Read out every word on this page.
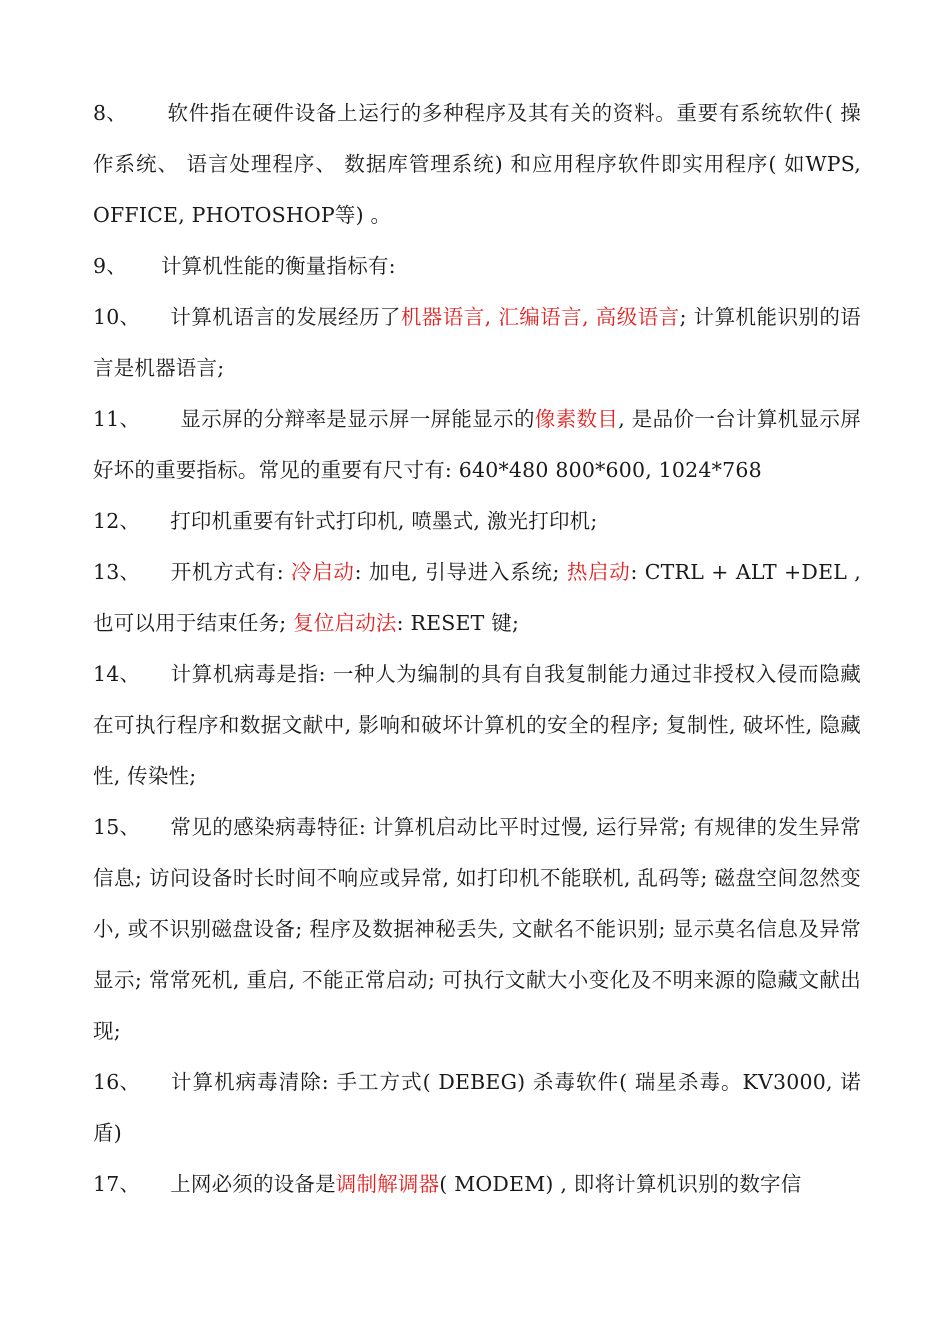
8、 软件指在硬件设备上运行的多种程序及其有关的资料。重要有系统软件( 操作系统、 语言处理程序、 数据库管理系统) 和应用程序软件即实用程序( 如WPS, OFFICE, PHOTOSHOP等) 。

9、 计算机性能的衡量指标有:

10、 计算机语言的发展经历了机器语言, 汇编语言, 高级语言; 计算机能识别的语言是机器语言;

11、 显示屏的分辩率是显示屏一屏能显示的像素数目, 是品价一台计算机显示屏好坏的重要指标。常见的重要有尺寸有: 640*480 800*600, 1024*768

12、 打印机重要有针式打印机, 喷墨式, 激光打印机;

13、 开机方式有: 冷启动: 加电, 引导进入系统; 热启动: CTRL + ALT +DEL , 也可以用于结束任务; 复位启动法: RESET 键;

14、 计算机病毒是指: 一种人为编制的具有自我复制能力通过非授权入侵而隐藏在可执行程序和数据文献中, 影响和破坏计算机的安全的程序; 复制性, 破坏性, 隐藏性, 传染性;

15、 常见的感染病毒特征: 计算机启动比平时过慢, 运行异常; 有规律的发生异常信息; 访问设备时长时间不响应或异常, 如打印机不能联机, 乱码等; 磁盘空间忽然变小, 或不识别磁盘设备; 程序及数据神秘丢失, 文献名不能识别; 显示莫名信息及异常显示; 常常死机, 重启, 不能正常启动; 可执行文献大小变化及不明来源的隐藏文献出现;

16、 计算机病毒清除: 手工方式( DEBEG) 杀毒软件( 瑞星杀毒。KV3000, 诺盾)

17、 上网必须的设备是调制解调器( MODEM) , 即将计算机识别的数字信
